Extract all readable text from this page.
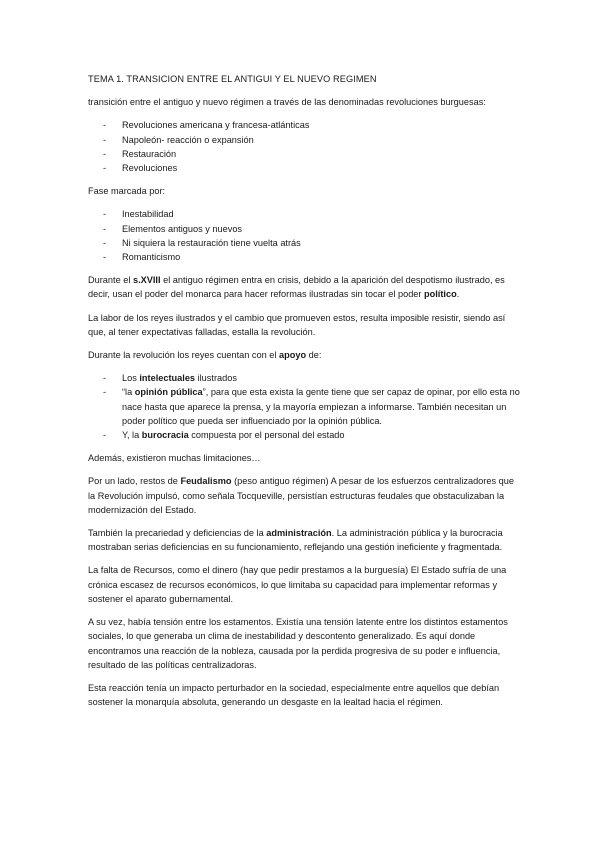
TEMA 1. TRANSICION ENTRE EL ANTIGUI Y EL NUEVO REGIMEN

transición entre el antiguo y nuevo régimen a través de las denominadas revoluciones burguesas:

- Revoluciones americana y francesa-atlánticas
- Napoleón- reacción o expansión
- Restauración
- Revoluciones

Fase marcada por:

- Inestabilidad
- Elementos antiguos y nuevos
- Ni siquiera la restauración tiene vuelta atrás
- Romanticismo

Durante el s.XVIII el antiguo régimen entra en crisis, debido a la aparición del despotismo ilustrado, es decir, usan el poder del monarca para hacer reformas ilustradas sin tocar el poder político.

La labor de los reyes ilustrados y el cambio que promueven estos, resulta imposible resistir, siendo así que, al tener expectativas falladas, estalla la revolución.

Durante la revolución los reyes cuentan con el apoyo de:

- Los intelectuales ilustrados
- “la opinión pública”, para que esta exista la gente tiene que ser capaz de opinar, por ello esta no nace hasta que aparece la prensa, y la mayoría empiezan a informarse. También necesitan un poder político que pueda ser influenciado por la opinión pública.
- Y, la burocracia compuesta por el personal del estado

Además, existieron muchas limitaciones…

Por un lado, restos de Feudalismo (peso antiguo régimen) A pesar de los esfuerzos centralizadores que la Revolución impulsó, como señala Tocqueville, persistían estructuras feudales que obstaculizaban la modernización del Estado.

También la precariedad y deficiencias de la administración. La administración pública y la burocracia mostraban serias deficiencias en su funcionamiento, reflejando una gestión ineficiente y fragmentada.

La falta de Recursos, como el dinero (hay que pedir prestamos a la burguesía) El Estado sufría de una crónica escasez de recursos económicos, lo que limitaba su capacidad para implementar reformas y sostener el aparato gubernamental.

A su vez, había tensión entre los estamentos. Existía una tensión latente entre los distintos estamentos sociales, lo que generaba un clima de inestabilidad y descontento generalizado. Es aquí donde encontramos una reacción de la nobleza, causada por la perdida progresiva de su poder e influencia, resultado de las políticas centralizadoras.

Esta reacción tenía un impacto perturbador en la sociedad, especialmente entre aquellos que debían sostener la monarquía absoluta, generando un desgaste en la lealtad hacia el régimen.
